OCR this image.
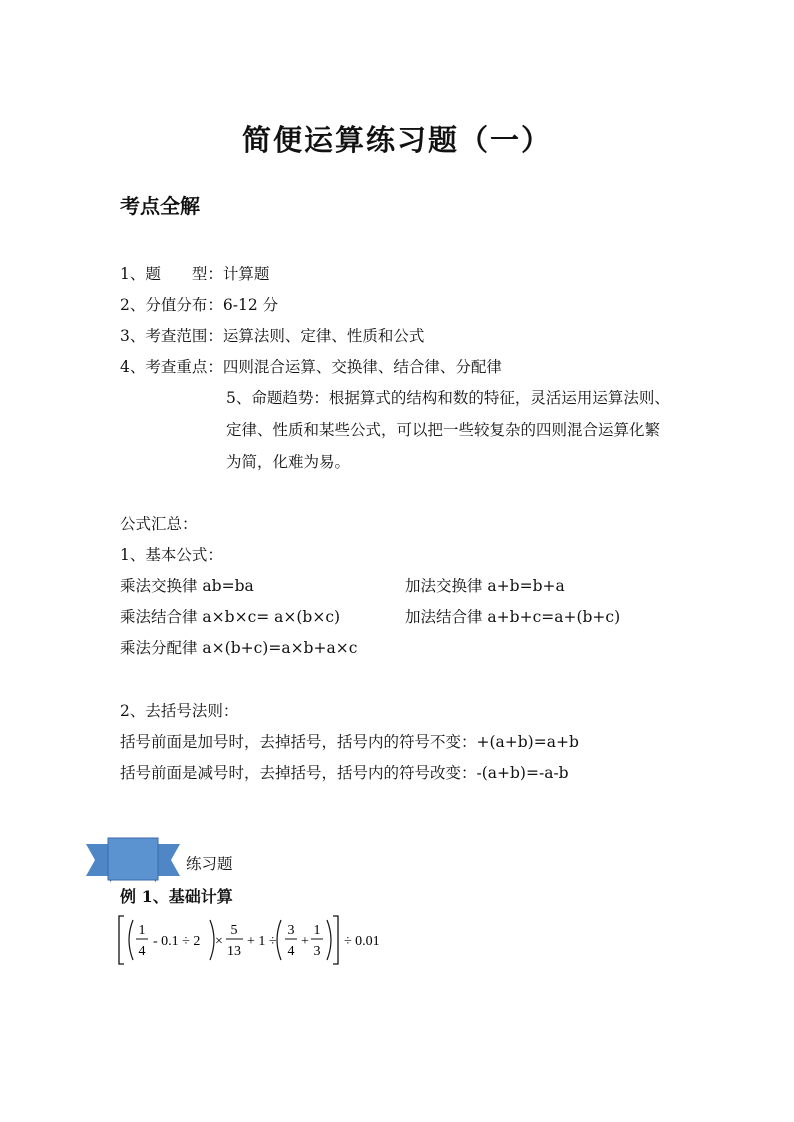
简便运算练习题（一）
考点全解
1、题　　型：计算题
2、分值分布：6-12 分
3、考查范围：运算法则、定律、性质和公式
4、考查重点：四则混合运算、交换律、结合律、分配律
5、命题趋势：根据算式的结构和数的特征，灵活运用运算法则、
定律、性质和某些公式，可以把一些较复杂的四则混合运算化繁
为简，化难为易。
公式汇总：
1、基本公式：
乘法交换律 ab=ba	加法交换律 a+b=b+a
乘法结合律 a×b×c= a×(b×c)	加法结合律 a+b+c=a+(b+c)
乘法分配律 a×(b+c)=a×b+a×c
2、去括号法则：
括号前面是加号时，去掉括号，括号内的符号不变：+(a+b)=a+b
括号前面是减号时，去掉括号，括号内的符号改变：-(a+b)=-a-b
练习题
例 1、基础计算
1
4
- 0.1 ÷ 2 ×
5
13
+ 1 ÷
3
4
+
1
3
÷ 0.01
